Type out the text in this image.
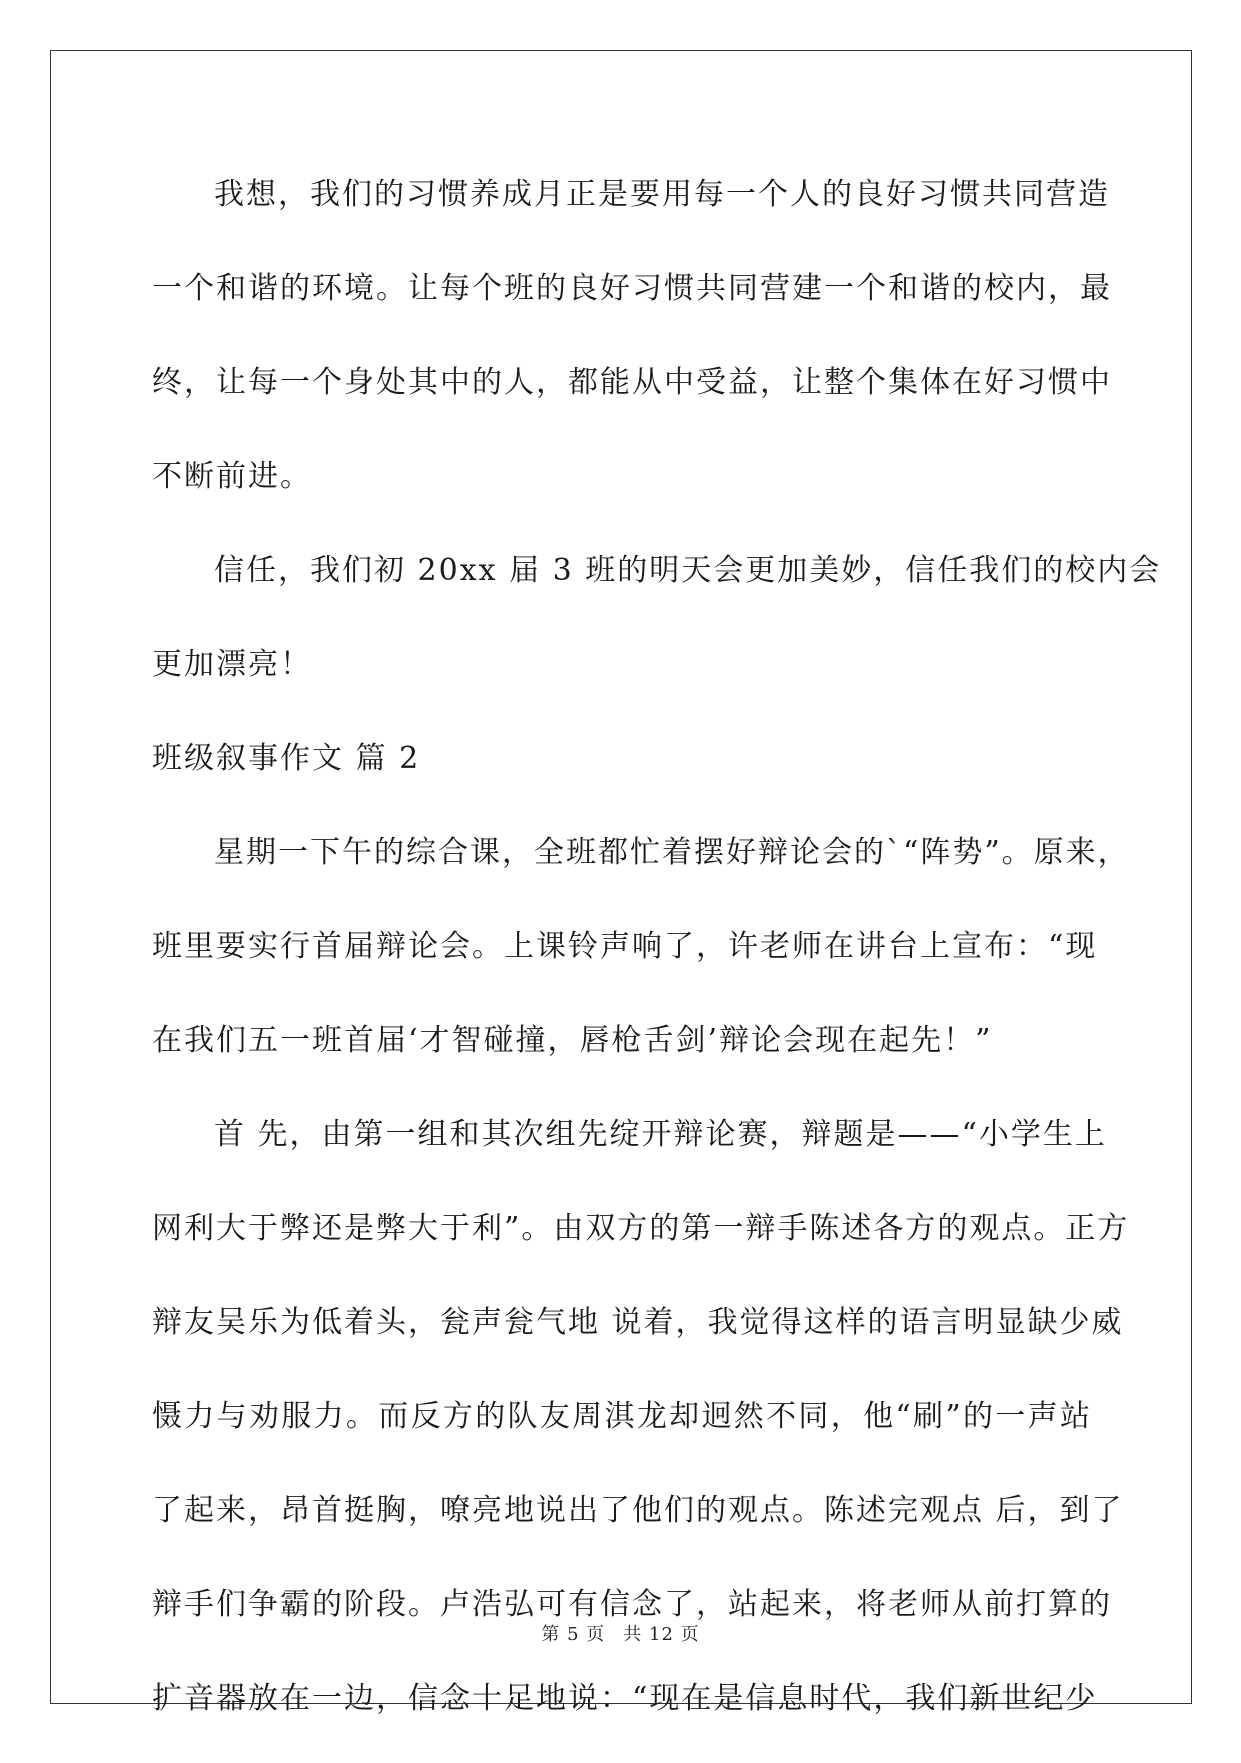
我想，我们的习惯养成月正是要用每一个人的良好习惯共同营造
一个和谐的环境。让每个班的良好习惯共同营建一个和谐的校内，最
终，让每一个身处其中的人，都能从中受益，让整个集体在好习惯中
不断前进。
信任，我们初 20xx 届 3 班的明天会更加美妙，信任我们的校内会
更加漂亮！
班级叙事作文 篇 2
星期一下午的综合课，全班都忙着摆好辩论会的`“阵势”。原来，
班里要实行首届辩论会。上课铃声响了，许老师在讲台上宣布：“现
在我们五一班首届‘才智碰撞，唇枪舌剑’辩论会现在起先！”
首 先，由第一组和其次组先绽开辩论赛，辩题是——“小学生上
网利大于弊还是弊大于利”。由双方的第一辩手陈述各方的观点。正方
辩友吴乐为低着头，瓮声瓮气地 说着，我觉得这样的语言明显缺少威
慑力与劝服力。而反方的队友周淇龙却迥然不同，他“刷”的一声站
了起来，昂首挺胸，嘹亮地说出了他们的观点。陈述完观点 后，到了
辩手们争霸的阶段。卢浩弘可有信念了，站起来，将老师从前打算的
扩音器放在一边，信念十足地说：“现在是信息时代，我们新世纪少
第 5 页 共 12 页
